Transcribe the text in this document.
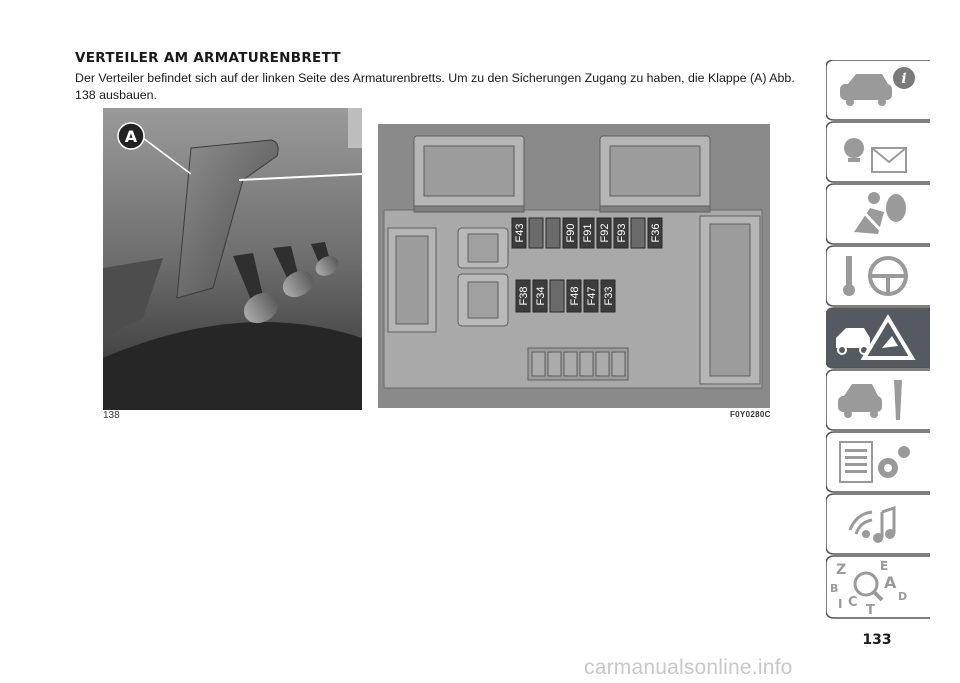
VERTEILER AM ARMATURENBRETT
Der Verteiler befindet sich auf der linken Seite des Armaturenbretts. Um zu den Sicherungen Zugang zu haben, die Klappe (A) Abb. 138 ausbauen.
A
F43	F90 F91 F92 F93 F36
F38 F34 F48 F47 F33
138	F0Y0280C
i
Z	E
B	A
C	D
I T
133
carmanualsonline.info
